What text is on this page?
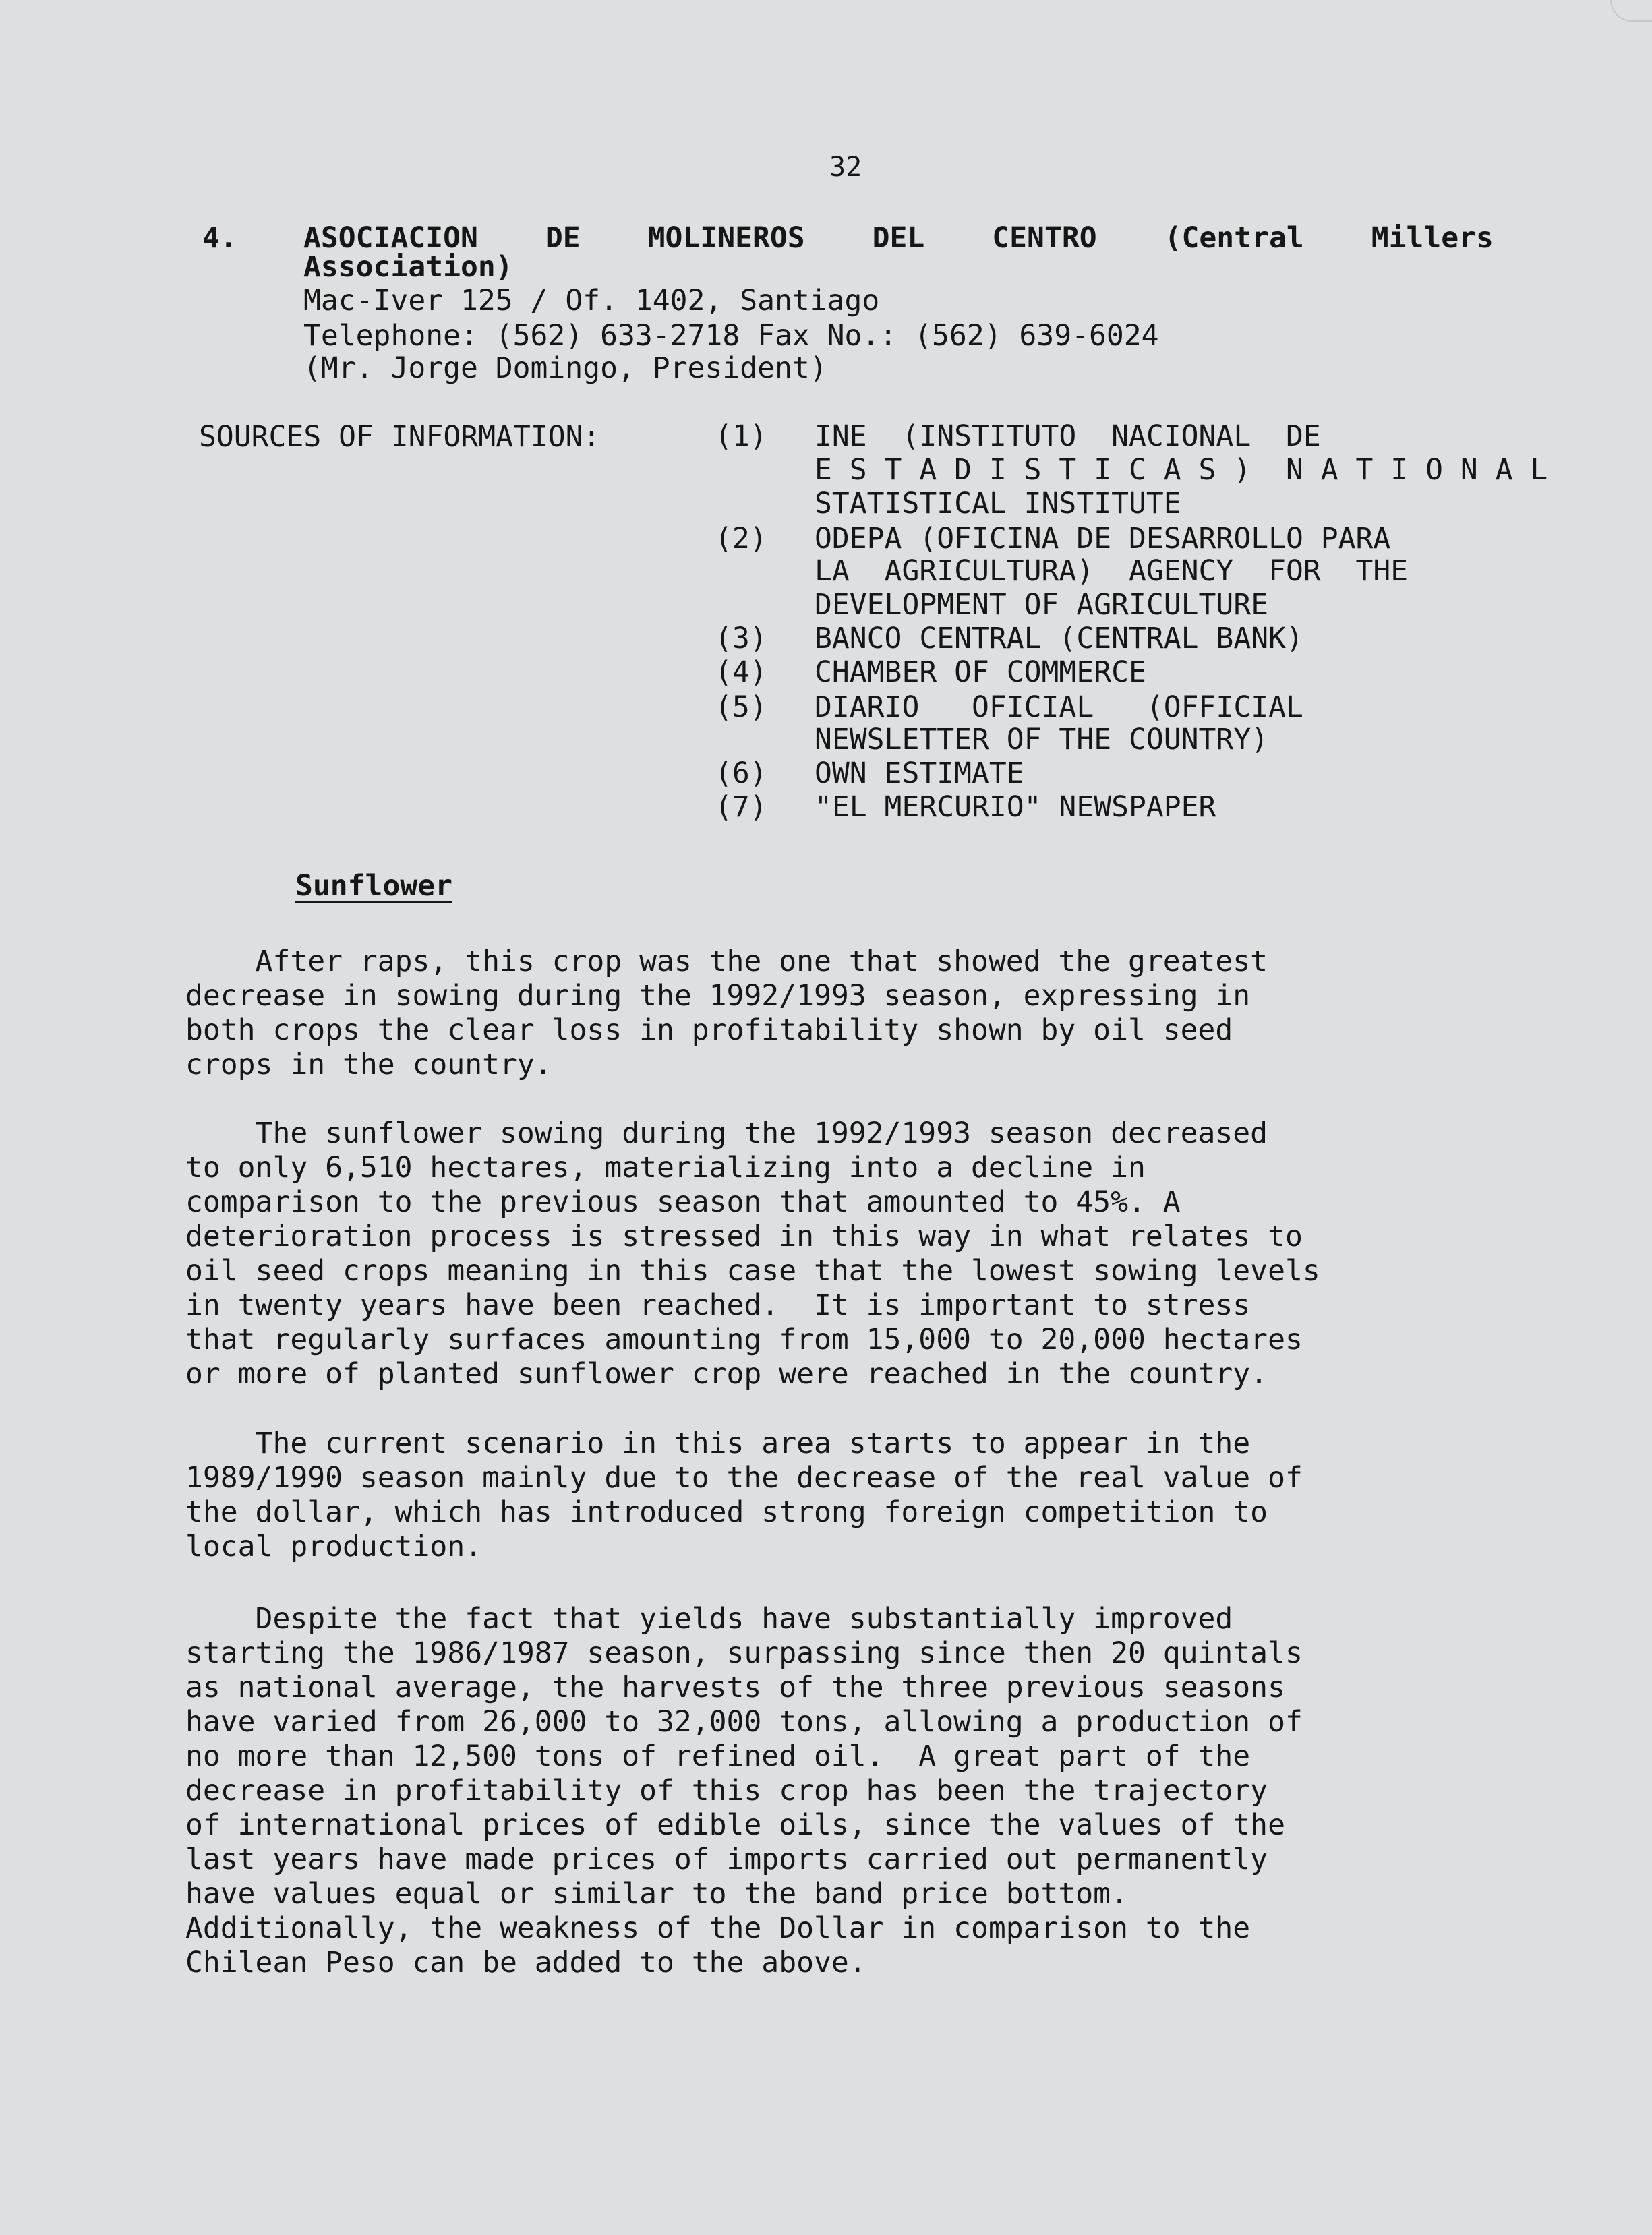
32
4. ASOCIACION DE MOLINEROS DEL CENTRO (Central Millers
Association)
Mac-Iver 125 / Of. 1402, Santiago
Telephone: (562) 633-2718 Fax No.: (562) 639-6024
(Mr. Jorge Domingo, President)
SOURCES OF INFORMATION:	(1) INE  (INSTITUTO  NACIONAL  DE
E S T A D I S T I C A S )  N A T I O N A L
STATISTICAL INSTITUTE
(2) ODEPA (OFICINA DE DESARROLLO PARA
LA  AGRICULTURA)  AGENCY  FOR  THE
DEVELOPMENT OF AGRICULTURE
(3) BANCO CENTRAL (CENTRAL BANK)
(4) CHAMBER OF COMMERCE
(5) DIARIO   OFICIAL   (OFFICIAL
NEWSLETTER OF THE COUNTRY)
(6) OWN ESTIMATE
(7) "EL MERCURIO" NEWSPAPER
Sunflower
After raps, this crop was the one that showed the greatest
decrease in sowing during the 1992/1993 season, expressing in
both crops the clear loss in profitability shown by oil seed
crops in the country.
The sunflower sowing during the 1992/1993 season decreased
to only 6,510 hectares, materializing into a decline in
comparison to the previous season that amounted to 45%. A
deterioration process is stressed in this way in what relates to
oil seed crops meaning in this case that the lowest sowing levels
in twenty years have been reached.  It is important to stress
that regularly surfaces amounting from 15,000 to 20,000 hectares
or more of planted sunflower crop were reached in the country.
The current scenario in this area starts to appear in the
1989/1990 season mainly due to the decrease of the real value of
the dollar, which has introduced strong foreign competition to
local production.
Despite the fact that yields have substantially improved
starting the 1986/1987 season, surpassing since then 20 quintals
as national average, the harvests of the three previous seasons
have varied from 26,000 to 32,000 tons, allowing a production of
no more than 12,500 tons of refined oil.  A great part of the
decrease in profitability of this crop has been the trajectory
of international prices of edible oils, since the values of the
last years have made prices of imports carried out permanently
have values equal or similar to the band price bottom.
Additionally, the weakness of the Dollar in comparison to the
Chilean Peso can be added to the above.
